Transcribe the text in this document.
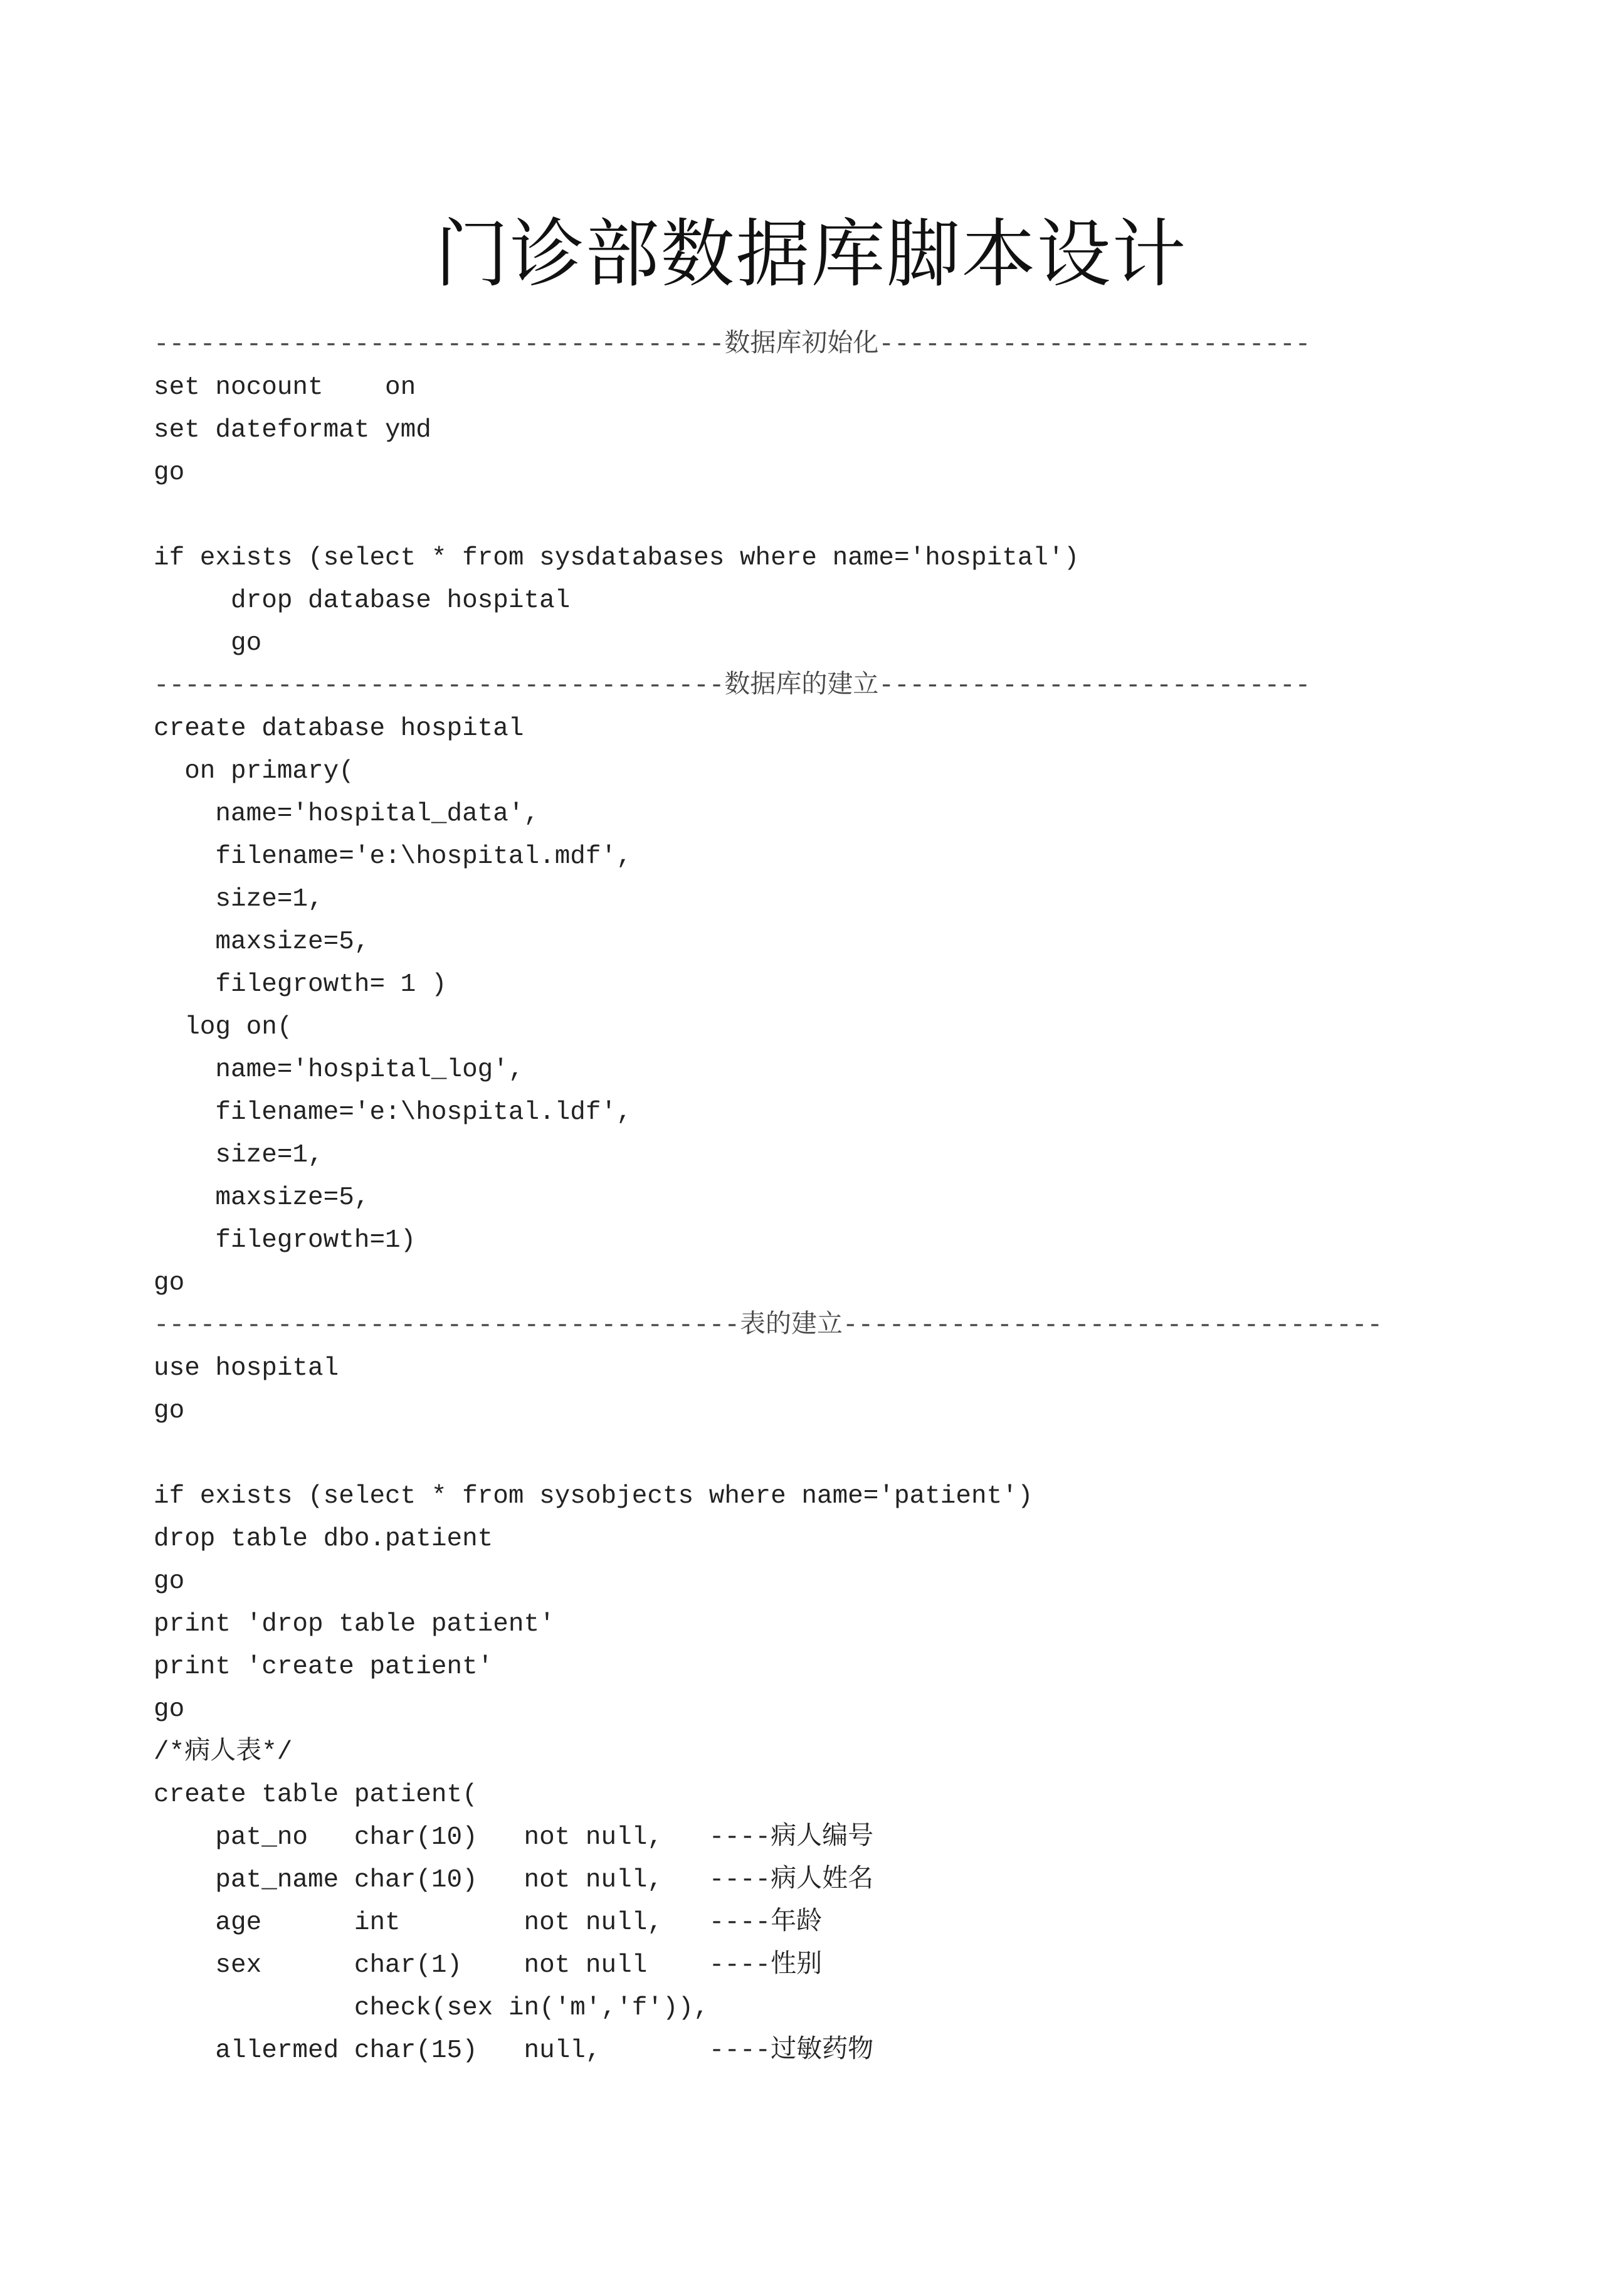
门诊部数据库脚本设计
-------------------------------------数据库初始化----------------------------
set nocount    on
set dateformat ymd
go
if exists (select * from sysdatabases where name='hospital')
drop database hospital
go
-------------------------------------数据库的建立----------------------------
create database hospital
on primary(
name='hospital_data',
filename='e:\hospital.mdf',
size=1,
maxsize=5,
filegrowth= 1 )
log on(
name='hospital_log',
filename='e:\hospital.ldf',
size=1,
maxsize=5,
filegrowth=1)
go
--------------------------------------表的建立-----------------------------------
use hospital
go
if exists (select * from sysobjects where name='patient')
drop table dbo.patient
go
print 'drop table patient'
print 'create patient'
go
/*病人表*/
create table patient(
pat_no   char(10)   not null,   ----病人编号
pat_name char(10)   not null,   ----病人姓名
age      int        not null,   ----年龄
sex      char(1)    not null    ----性别
check(sex in('m','f')),
allermed char(15)   null,       ----过敏药物
